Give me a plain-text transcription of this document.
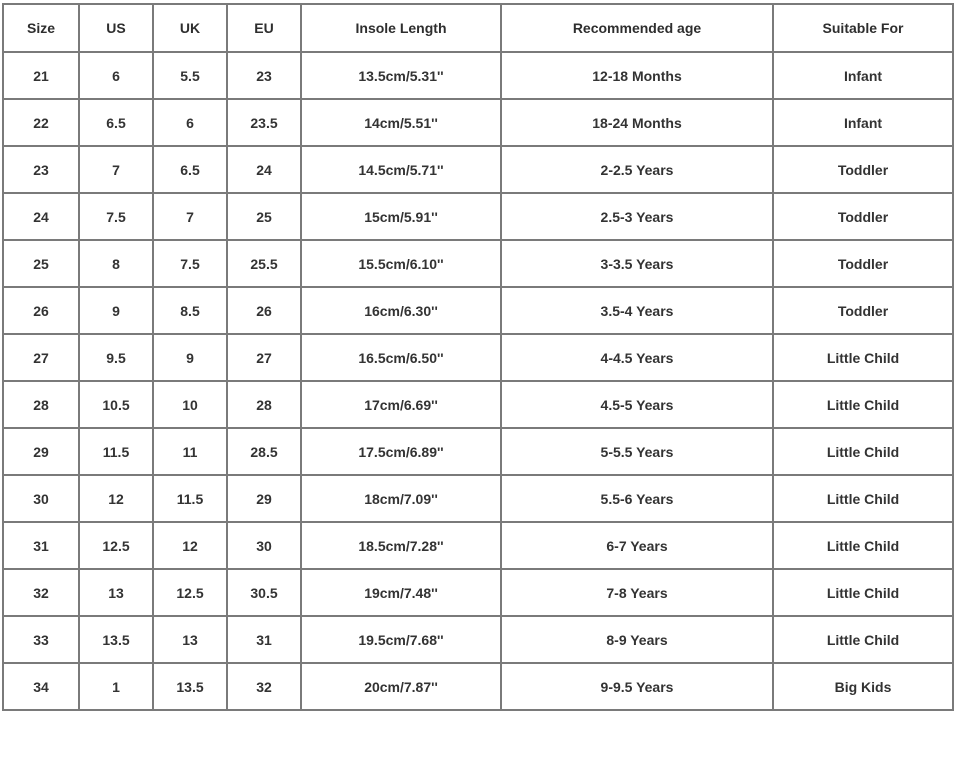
Size	US	UK	EU	Insole Length	Recommended age	Suitable For
21	6	5.5	23	13.5cm/5.31''	12-18 Months	Infant
22	6.5	6	23.5	14cm/5.51''	18-24 Months	Infant
23	7	6.5	24	14.5cm/5.71''	2-2.5 Years	Toddler
24	7.5	7	25	15cm/5.91''	2.5-3 Years	Toddler
25	8	7.5	25.5	15.5cm/6.10''	3-3.5 Years	Toddler
26	9	8.5	26	16cm/6.30''	3.5-4 Years	Toddler
27	9.5	9	27	16.5cm/6.50''	4-4.5 Years	Little Child
28	10.5	10	28	17cm/6.69''	4.5-5 Years	Little Child
29	11.5	11	28.5	17.5cm/6.89''	5-5.5 Years	Little Child
30	12	11.5	29	18cm/7.09''	5.5-6 Years	Little Child
31	12.5	12	30	18.5cm/7.28''	6-7 Years	Little Child
32	13	12.5	30.5	19cm/7.48''	7-8 Years	Little Child
33	13.5	13	31	19.5cm/7.68''	8-9 Years	Little Child
34	1	13.5	32	20cm/7.87''	9-9.5 Years	Big Kids
